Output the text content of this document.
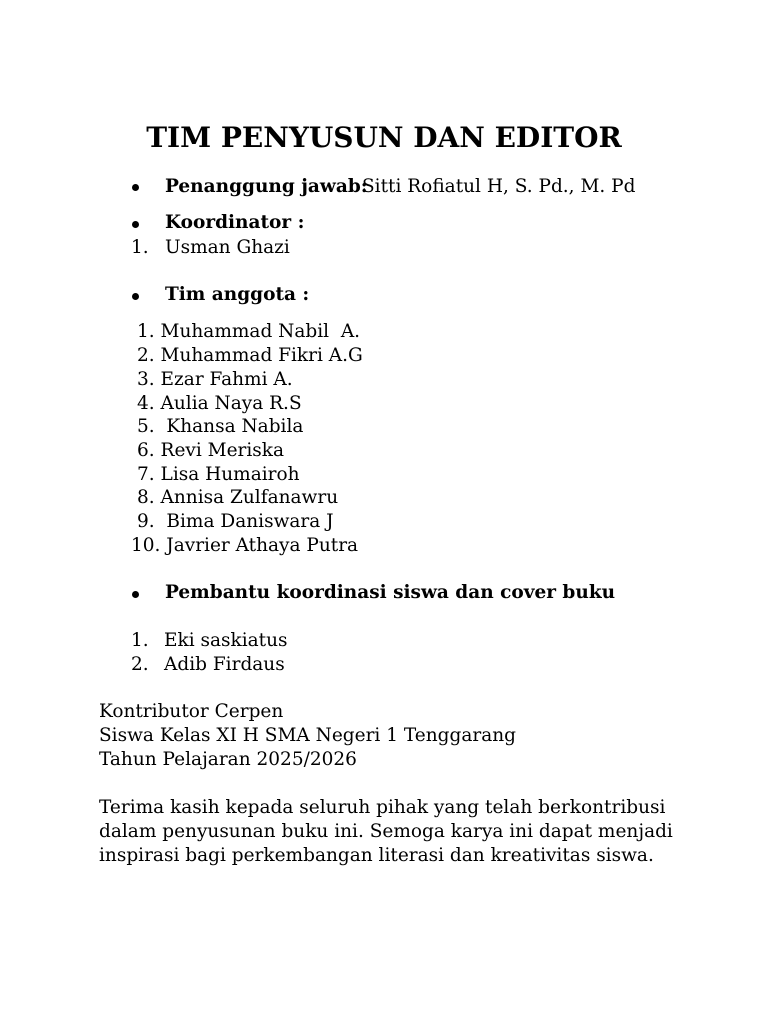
TIM PENYUSUN DAN EDITOR
Penanggung jawab:
Sitti Rofiatul H, S. Pd., M. Pd
Koordinator :
1. Usman Ghazi
Tim anggota :
1. Muhammad Nabil  A.
2. Muhammad Fikri A.G
3. Ezar Fahmi A.
4. Aulia Naya R.S
5.  Khansa Nabila
6. Revi Meriska
7. Lisa Humairoh
8. Annisa Zulfanawru
9.  Bima Daniswara J
10. Javrier Athaya Putra
Pembantu koordinasi siswa dan cover buku
1. Eki saskiatus
2. Adib Firdaus
Kontributor Cerpen
Siswa Kelas XI H SMA Negeri 1 Tenggarang
Tahun Pelajaran 2025/2026
Terima kasih kepada seluruh pihak yang telah berkontribusi
dalam penyusunan buku ini. Semoga karya ini dapat menjadi
inspirasi bagi perkembangan literasi dan kreativitas siswa.
